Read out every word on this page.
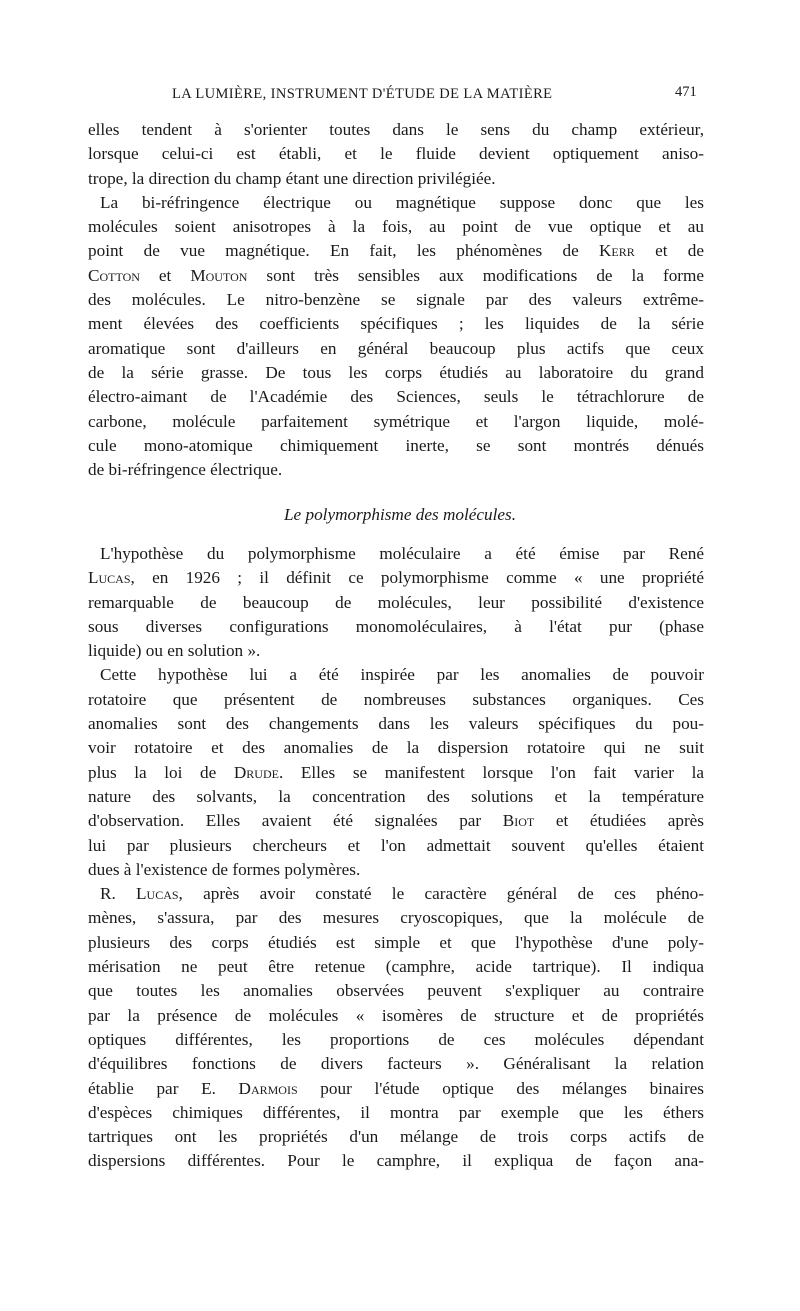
LA LUMIÈRE, INSTRUMENT D'ÉTUDE DE LA MATIÈRE	471
elles tendent à s'orienter toutes dans le sens du champ extérieur,
lorsque celui-ci est établi, et le fluide devient optiquement aniso-
trope, la direction du champ étant une direction privilégiée.
La bi-réfringence électrique ou magnétique suppose donc que les
molécules soient anisotropes à la fois, au point de vue optique et au
point de vue magnétique. En fait, les phénomènes de Kerr et de
Cotton et Mouton sont très sensibles aux modifications de la forme
des molécules. Le nitro-benzène se signale par des valeurs extrême-
ment élevées des coefficients spécifiques ; les liquides de la série
aromatique sont d'ailleurs en général beaucoup plus actifs que ceux
de la série grasse. De tous les corps étudiés au laboratoire du grand
électro-aimant de l'Académie des Sciences, seuls le tétrachlorure de
carbone, molécule parfaitement symétrique et l'argon liquide, molé-
cule mono-atomique chimiquement inerte, se sont montrés dénués
de bi-réfringence électrique.
Le polymorphisme des molécules.
L'hypothèse du polymorphisme moléculaire a été émise par René
Lucas, en 1926 ; il définit ce polymorphisme comme « une propriété
remarquable de beaucoup de molécules, leur possibilité d'existence
sous diverses configurations monomoléculaires, à l'état pur (phase
liquide) ou en solution ».
Cette hypothèse lui a été inspirée par les anomalies de pouvoir
rotatoire que présentent de nombreuses substances organiques. Ces
anomalies sont des changements dans les valeurs spécifiques du pou-
voir rotatoire et des anomalies de la dispersion rotatoire qui ne suit
plus la loi de Drude. Elles se manifestent lorsque l'on fait varier la
nature des solvants, la concentration des solutions et la température
d'observation. Elles avaient été signalées par Biot et étudiées après
lui par plusieurs chercheurs et l'on admettait souvent qu'elles étaient
dues à l'existence de formes polymères.
R. Lucas, après avoir constaté le caractère général de ces phéno-
mènes, s'assura, par des mesures cryoscopiques, que la molécule de
plusieurs des corps étudiés est simple et que l'hypothèse d'une poly-
mérisation ne peut être retenue (camphre, acide tartrique). Il indiqua
que toutes les anomalies observées peuvent s'expliquer au contraire
par la présence de molécules « isomères de structure et de propriétés
optiques différentes, les proportions de ces molécules dépendant
d'équilibres fonctions de divers facteurs ». Généralisant la relation
établie par E. Darmois pour l'étude optique des mélanges binaires
d'espèces chimiques différentes, il montra par exemple que les éthers
tartriques ont les propriétés d'un mélange de trois corps actifs de
dispersions différentes. Pour le camphre, il expliqua de façon ana-
